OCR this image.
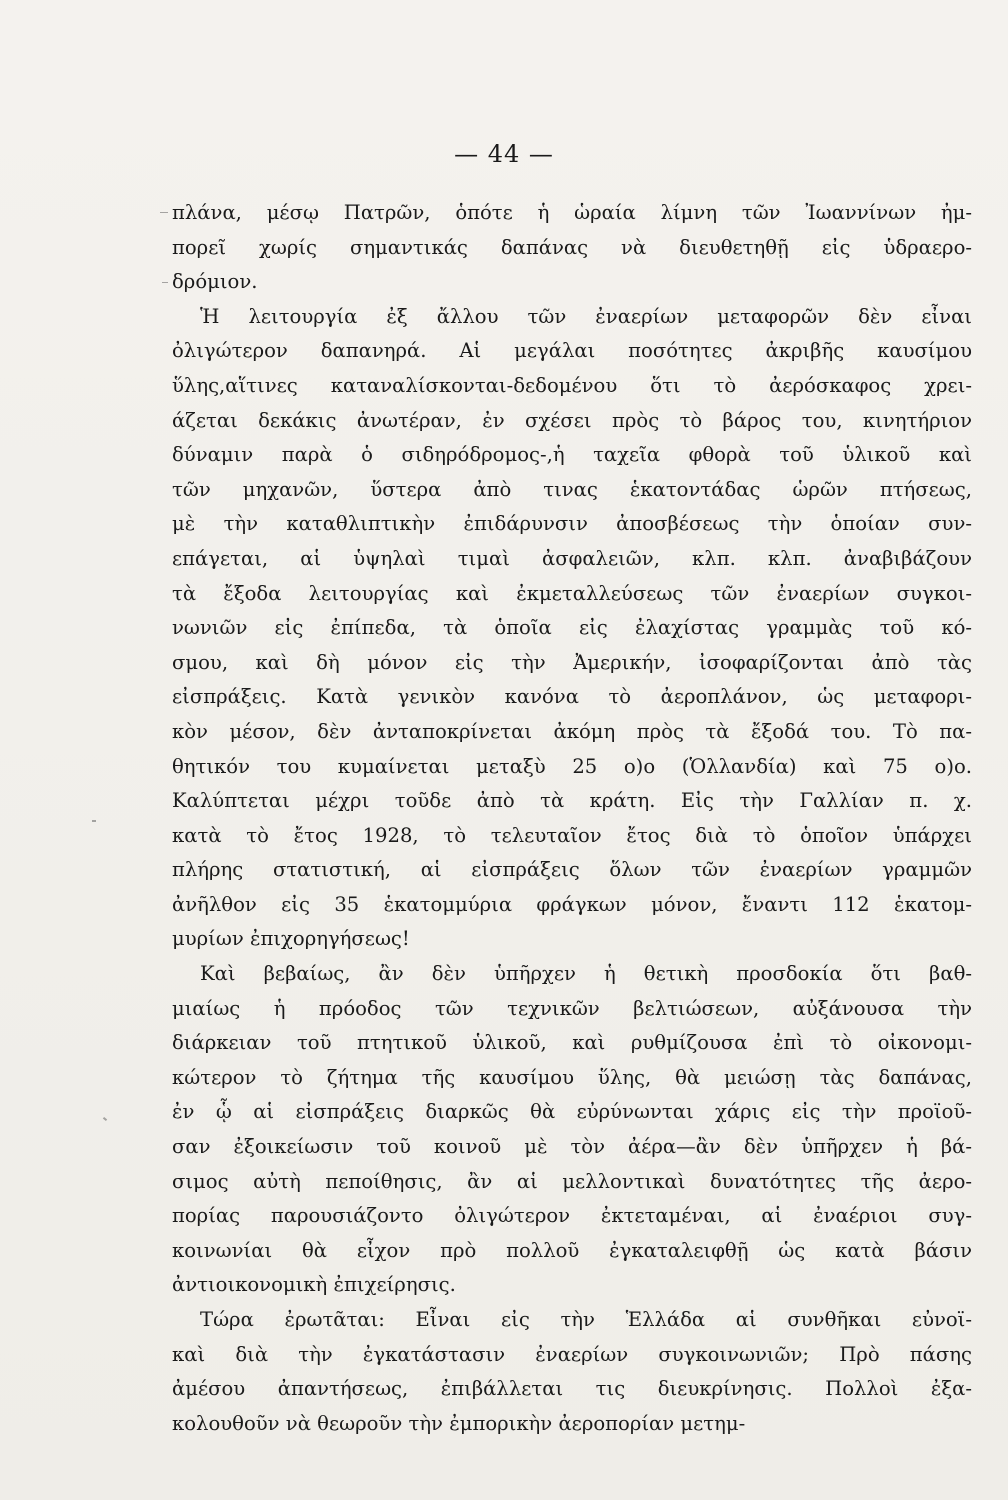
— 44 —
πλάνα, μέσῳ Πατρῶν, ὁπότε ἡ ὡραία λίμνη τῶν Ἰωαννίνων ἠμ-
πορεῖ χωρίς σημαντικάς δαπάνας νὰ διευθετηθῇ εἰς ὑδραερο-
δρόμιον.
Ἡ λειτουργία ἐξ ἄλλου τῶν ἐναερίων μεταφορῶν δὲν εἶναι
ὀλιγώτερον δαπανηρά. Αἱ μεγάλαι ποσότητες ἀκριβῆς καυσίμου
ὕλης,αἵτινες καταναλίσκονται-δεδομένου ὅτι τὸ ἀερόσκαφος χρει-
άζεται δεκάκις ἀνωτέραν, ἐν σχέσει πρὸς τὸ βάρος του, κινητήριον
δύναμιν παρὰ ὁ σιδηρόδρομος-,ἡ ταχεῖα φθορὰ τοῦ ὑλικοῦ καὶ
τῶν μηχανῶν, ὕστερα ἀπὸ τινας ἑκατοντάδας ὡρῶν πτήσεως,
μὲ τὴν καταθλιπτικὴν ἐπιδάρυνσιν ἀποσβέσεως τὴν ὁποίαν συν-
επάγεται, αἱ ὑψηλαὶ τιμαὶ ἀσφαλειῶν, κλπ. κλπ. ἀναβιβάζουν
τὰ ἔξοδα λειτουργίας καὶ ἐκμεταλλεύσεως τῶν ἐναερίων συγκοι-
νωνιῶν εἰς ἐπίπεδα, τὰ ὁποῖα εἰς ἐλαχίστας γραμμὰς τοῦ κό-
σμου, καὶ δὴ μόνον εἰς τὴν Ἀμερικήν, ἰσοφαρίζονται ἀπὸ τὰς
εἰσπράξεις. Κατὰ γενικὸν κανόνα τὸ ἀεροπλάνον, ὡς μεταφορι-
κὸν μέσον, δὲν ἀνταποκρίνεται ἀκόμη πρὸς τὰ ἔξοδά του. Τὸ πα-
θητικόν του κυμαίνεται μεταξὺ 25 ο)ο (Ὁλλανδία) καὶ 75 ο)ο.
Καλύπτεται μέχρι τοῦδε ἀπὸ τὰ κράτη. Εἰς τὴν Γαλλίαν π. χ.
κατὰ τὸ ἔτος 1928, τὸ τελευταῖον ἔτος διὰ τὸ ὁποῖον ὑπάρχει
πλήρης στατιστική, αἱ εἰσπράξεις ὅλων τῶν ἐναερίων γραμμῶν
ἀνῆλθον εἰς 35 ἑκατομμύρια φράγκων μόνον, ἔναντι 112 ἑκατομ-
μυρίων ἐπιχορηγήσεως!
Καὶ βεβαίως, ἂν δὲν ὑπῆρχεν ἡ θετικὴ προσδοκία ὅτι βαθ-
μιαίως ἡ πρόοδος τῶν τεχνικῶν βελτιώσεων, αὐξάνουσα τὴν
διάρκειαν τοῦ πτητικοῦ ὑλικοῦ, καὶ ρυθμίζουσα ἐπὶ τὸ οἰκονομι-
κώτερον τὸ ζήτημα τῆς καυσίμου ὕλης, θὰ μειώσῃ τὰς δαπάνας,
ἐν ᾧ αἱ εἰσπράξεις διαρκῶς θὰ εὐρύνωνται χάρις εἰς τὴν προϊοῦ-
σαν ἐξοικείωσιν τοῦ κοινοῦ μὲ τὸν ἀέρα—ἂν δὲν ὑπῆρχεν ἡ βά-
σιμος αὐτὴ πεποίθησις, ἂν αἱ μελλοντικαὶ δυνατότητες τῆς ἀερο-
πορίας παρουσιάζοντο ὀλιγώτερον ἐκτεταμέναι, αἱ ἐναέριοι συγ-
κοινωνίαι θὰ εἶχον πρὸ πολλοῦ ἐγκαταλειφθῇ ὡς κατὰ βάσιν
ἀντιοικονομικὴ ἐπιχείρησις.
Τώρα ἐρωτᾶται: Εἶναι εἰς τὴν Ἑλλάδα αἱ συνθῆκαι εὐνοϊ-
καὶ διὰ τὴν ἐγκατάστασιν ἐναερίων συγκοινωνιῶν; Πρὸ πάσης
ἀμέσου ἀπαντήσεως, ἐπιβάλλεται τις διευκρίνησις. Πολλοὶ ἐξα-
κολουθοῦν νὰ θεωροῦν τὴν ἐμπορικὴν ἀεροπορίαν μετημ-
